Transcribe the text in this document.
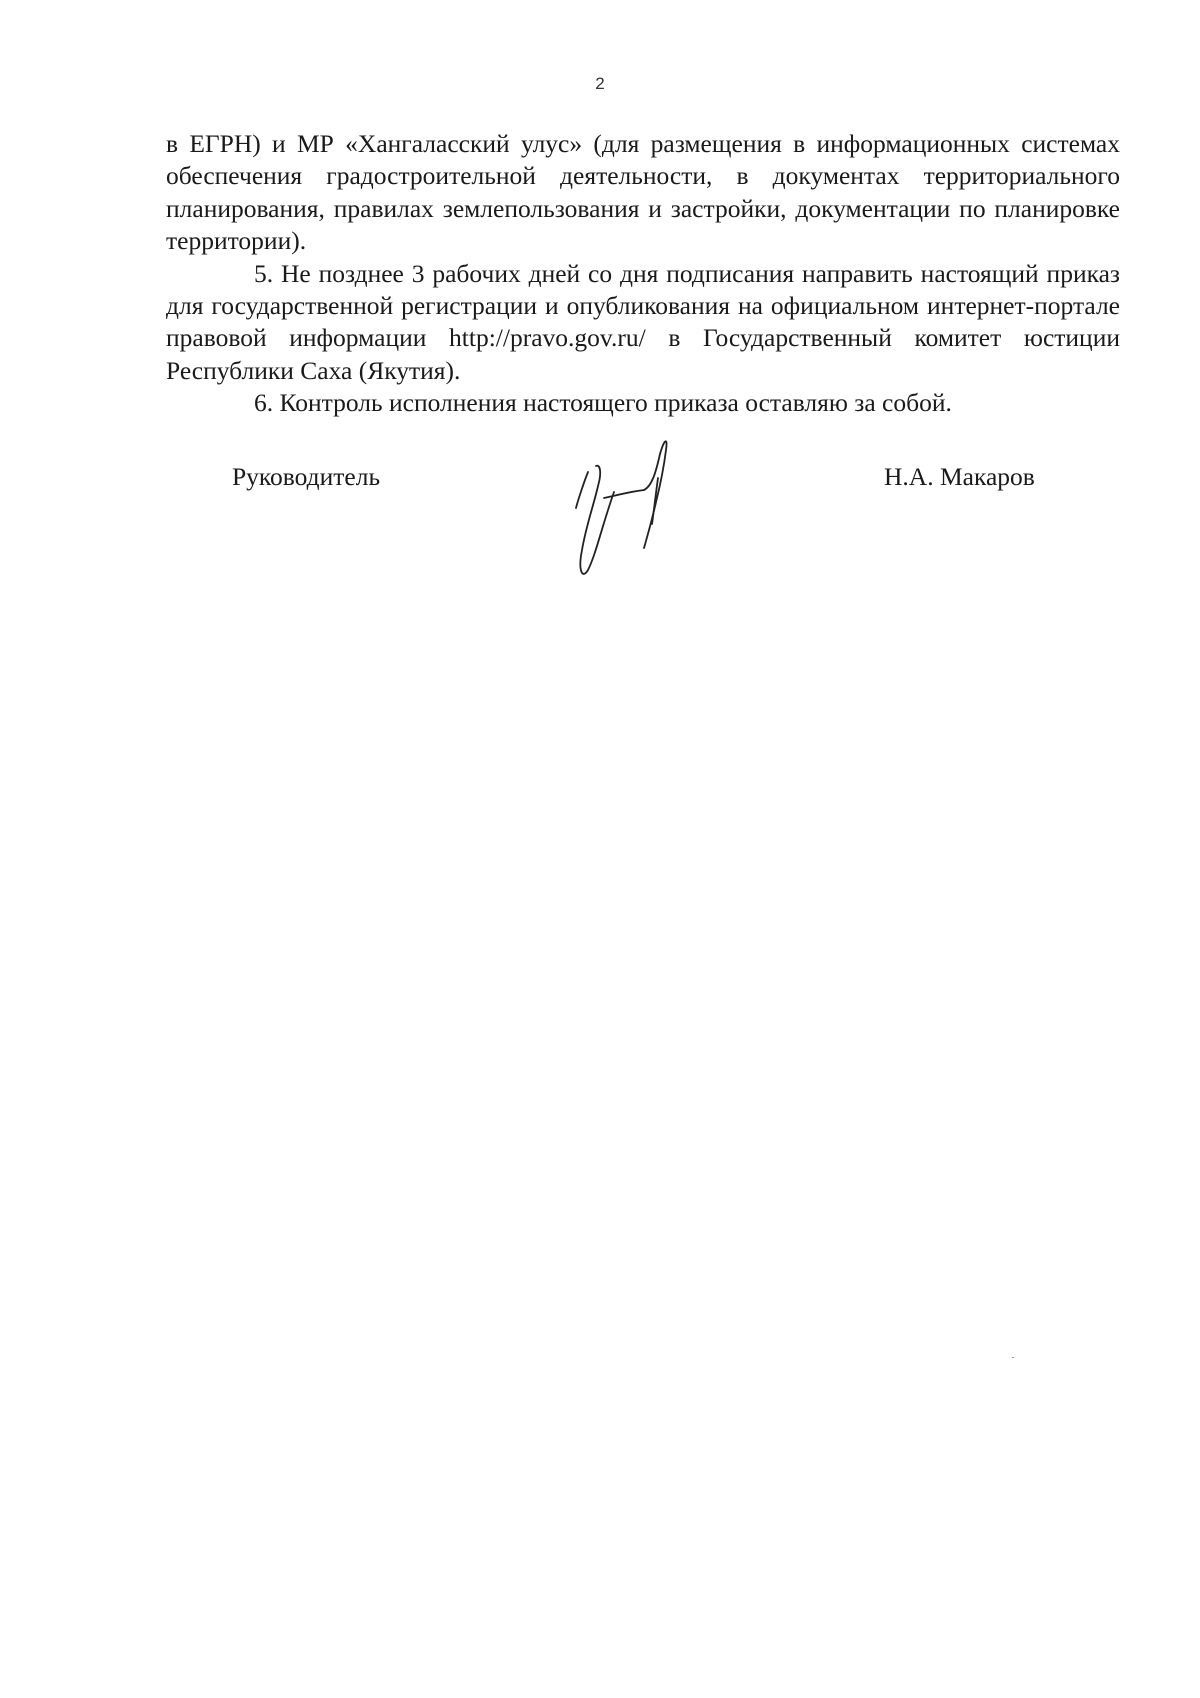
2

в ЕГРН) и МР «Хангаласский улус» (для размещения в информационных системах обеспечения градостроительной деятельности, в документах территориального планирования, правилах землепользования и застройки, документации по планировке территории).

5. Не позднее 3 рабочих дней со дня подписания направить настоящий приказ для государственной регистрации и опубликования на официальном интернет-портале правовой информации http://pravo.gov.ru/ в Государственный комитет юстиции Республики Саха (Якутия).

6. Контроль исполнения настоящего приказа оставляю за собой.

Руководитель	Н.А. Макаров
